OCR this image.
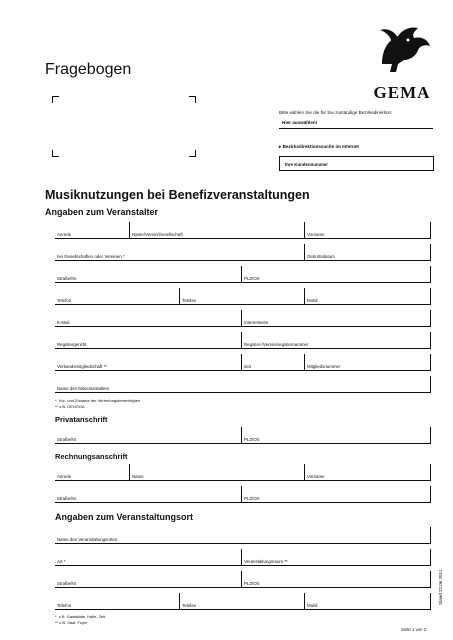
Fragebogen
GEMA
Bitte wählen Sie die für Sie zuständige Bezirksdirektion:
Hier auswählen!
▸ Bezirksdirektionssuche im Internet
Ihre Kundennummer
Musiknutzungen bei Benefizveranstaltungen
Angaben zum Veranstalter
Anrede	Name/Verein/Gesellschaft	Vorname
bei Gesellschaften oder Vereinen *	Geburtsdatum
Straße/Nr.	PLZ/Ort
Telefon	Telefax	Mobil
E-Mail	Internetseite
Registergericht	Register-/Vereinsregisternummer
Verbandsmitgliedschaft **	seit	Mitgliedsnummer
Name des Mitveranstalters
*  Vor- und Zuname der Vertretungsberechtigten
** z.B. DEHOGA
Privatanschrift
Straße/Nr.	PLZ/Ort
Rechnungsanschrift
Anrede	Name	Vorname
Straße/Nr.	PLZ/Ort
Angaben zum Veranstaltungsort
Name des Veranstaltungsortes
Art *	Veranstaltungsraum **
Straße/Nr.	PLZ/Ort
Telefon	Telefax	Mobil
*  z.B. Gaststätte, Halle, Zelt
** z.B. Saal, Foyer
Stand 22.06.2011
Seite 1 von 2
